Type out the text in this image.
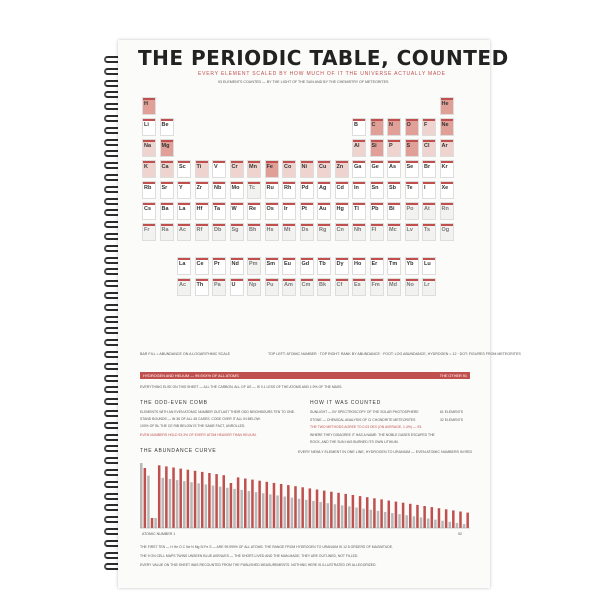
THE PERIODIC TABLE, COUNTED
EVERY ELEMENT SCALED BY HOW MUCH OF IT THE UNIVERSE ACTUALLY MADE
93 ELEMENTS COUNTED — BY THE LIGHT OF THE SUN AND BY THE CHEMISTRY OF METEORITES
H	He
Li Be	B C N O F	Ne
Na Mg	Al Si P	S	Cl Ar
K Ca Sc Ti V	Cr Mn Fe Co Ni Cu Zn Ga Ge As Se Br Kr
Rb Sr Y	Zr Nb Mo Tc Ru Rh Pd Ag Cd In Sn Sb Te I	Xe
Cs Ba La Hf Ta W Re Os Ir	Pt Au Hg Tl Pb Bi Po At Rn
Fr Ra Ac Rf Db Sg Bh Hs Mt Ds Rg Cn Nh Fl Mc Lv Ts Og
La Ce Pr Nd Pm Sm Eu Gd Tb Dy Ho Er Tm Yb Lu
Ac Th Pa U Np Pu Am Cm Bk Cf Es Fm Md No Lr
BAR FILL = ABUNDANCE ON A LOGARITHMIC SCALE	TOP LEFT: ATOMIC NUMBER · TOP RIGHT: RANK BY ABUNDANCE · FOOT: LOG ABUNDANCE, HYDROGEN = 12 · DOT: FIGURES FROM METEORITES
HYDROGEN AND HELIUM — 99.9XX% OF ALL ATOMS	THE OTHER 91
EVERYTHING ELSE ON THIS SHEET — ALL THE CARBON, ALL OF US — IS 0.1 LESS OF THE ATOMS AND 1.9% OF THE MASS.
THE ODD-EVEN COMB
ELEMENTS WITH AN EVEN ATOMIC NUMBER OUTLAST THEIR ODD NEIGHBOURS TEN TO ONE.
STAND BOUNDS — IN 36 OF ALL 45 CASES. CODE OVER IT ALL IN BELOW.
100% OF BL THE CE RIB BELOW IS THE SAME FACT, UNROLLED.
EVEN NUMBERS HOLD 93.3% OF EVERY ATOM HEAVIER THAN HELIUM.
HOW IT WAS COUNTED
SUNLIGHT — BY SPECTROSCOPY OF THE SOLAR PHOTOSPHERE	61 ELEMENTS
STONE — CHEMICAL ANALYSIS OF CI CHONDRITE METEORITES	32 ELEMENTS
THE TWO METHODS AGREE TO 0.03 DEX (ON AVERAGE, 1-4%) — 93.
WHERE THEY DISAGREE IT HAS A NAME: THE NOBLE GASES ESCAPED THE
ROCK, AND THE SUN HAS BURNED ITS OWN LITHIUM.
THE ABUNDANCE CURVE	EVERY NEWLY ELEMENT IN ONE LINE, HYDROGEN TO URANIUM — EVEN ATOMIC NUMBERS IN RED
ATOMIC NUMBER 1	92
THE FIRST TEN — H He O C Ne N Mg Si Fe S — ARE 99.999% OF ALL ATOMS. THE RANGE FROM HYDROGEN TO URANIUM IS 12.5 ORDERS OF MAGNITUDE.
THE 9 ON CELL MAPS TWINS UNSEEN BLUE AVENUES — THE SHORT-LIVED AND THE MAN-MADE, THEY ARE OUTLINED, NOT FILLED.
EVERY VALUE ON THIS SHEET WAS RECOUNTED FROM THE PUBLISHED MEASUREMENTS. NOTHING HERE IS ILLUSTRATED OR ALLEGORIZED.
